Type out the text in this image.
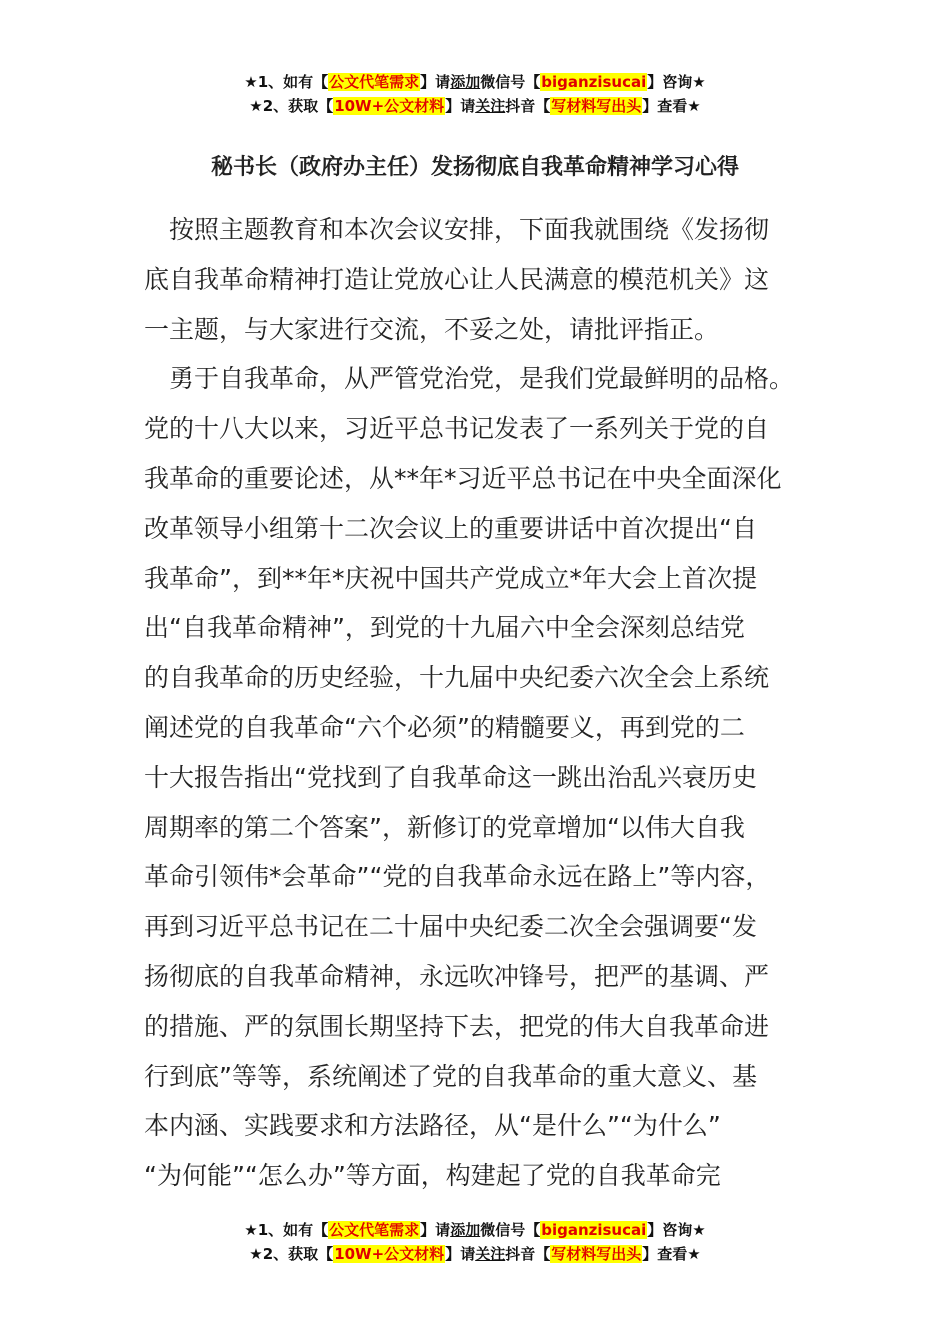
★1、如有【公文代笔需求】请添加微信号【biganzisucai】咨询★
★2、获取【10W+公文材料】请关注抖音【写材料写出头】查看★
秘书长（政府办主任）发扬彻底自我革命精神学习心得
　按照主题教育和本次会议安排，下面我就围绕《发扬彻
底自我革命精神打造让党放心让人民满意的模范机关》这
一主题，与大家进行交流，不妥之处，请批评指正。
　勇于自我革命，从严管党治党，是我们党最鲜明的品格。
党的十八大以来，习近平总书记发表了一系列关于党的自
我革命的重要论述，从**年*习近平总书记在中央全面深化
改革领导小组第十二次会议上的重要讲话中首次提出“自
我革命”，到**年*庆祝中国共产党成立*年大会上首次提
出“自我革命精神”，到党的十九届六中全会深刻总结党
的自我革命的历史经验，十九届中央纪委六次全会上系统
阐述党的自我革命“六个必须”的精髓要义，再到党的二
十大报告指出“党找到了自我革命这一跳出治乱兴衰历史
周期率的第二个答案”，新修订的党章增加“以伟大自我
革命引领伟*会革命”“党的自我革命永远在路上”等内容，
再到习近平总书记在二十届中央纪委二次全会强调要“发
扬彻底的自我革命精神，永远吹冲锋号，把严的基调、严
的措施、严的氛围长期坚持下去，把党的伟大自我革命进
行到底”等等，系统阐述了党的自我革命的重大意义、基
本内涵、实践要求和方法路径，从“是什么”“为什么”
“为何能”“怎么办”等方面，构建起了党的自我革命完
★1、如有【公文代笔需求】请添加微信号【biganzisucai】咨询★
★2、获取【10W+公文材料】请关注抖音【写材料写出头】查看★
